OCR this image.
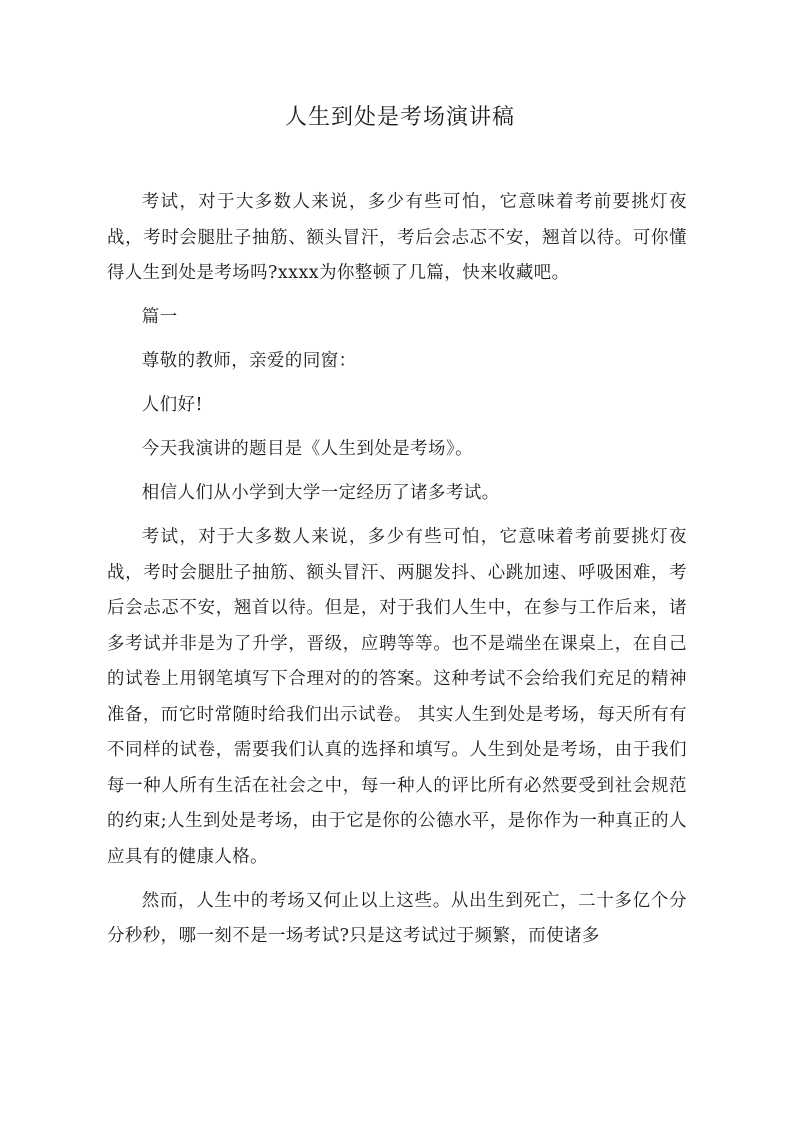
人生到处是考场演讲稿

考试，对于大多数人来说，多少有些可怕，它意味着考前要挑灯夜战，考时会腿肚子抽筋、额头冒汗，考后会忐忑不安，翘首以待。可你懂得人生到处是考场吗?xxxx为你整顿了几篇，快来收藏吧。

篇一

尊敬的教师，亲爱的同窗：

人们好!

今天我演讲的题目是《人生到处是考场》。

相信人们从小学到大学一定经历了诸多考试。

考试，对于大多数人来说，多少有些可怕，它意味着考前要挑灯夜战，考时会腿肚子抽筋、额头冒汗、两腿发抖、心跳加速、呼吸困难，考后会忐忑不安，翘首以待。但是，对于我们人生中，在参与工作后来，诸多考试并非是为了升学，晋级，应聘等等。也不是端坐在课桌上，在自己的试卷上用钢笔填写下合理对的的答案。这种考试不会给我们充足的精神准备，而它时常随时给我们出示试卷。 其实人生到处是考场，每天所有有不同样的试卷，需要我们认真的选择和填写。人生到处是考场，由于我们每一种人所有生活在社会之中，每一种人的评比所有必然要受到社会规范的约束;人生到处是考场，由于它是你的公德水平，是你作为一种真正的人应具有的健康人格。

然而，人生中的考场又何止以上这些。从出生到死亡，二十多亿个分分秒秒，哪一刻不是一场考试?只是这考试过于频繁，而使诸多
